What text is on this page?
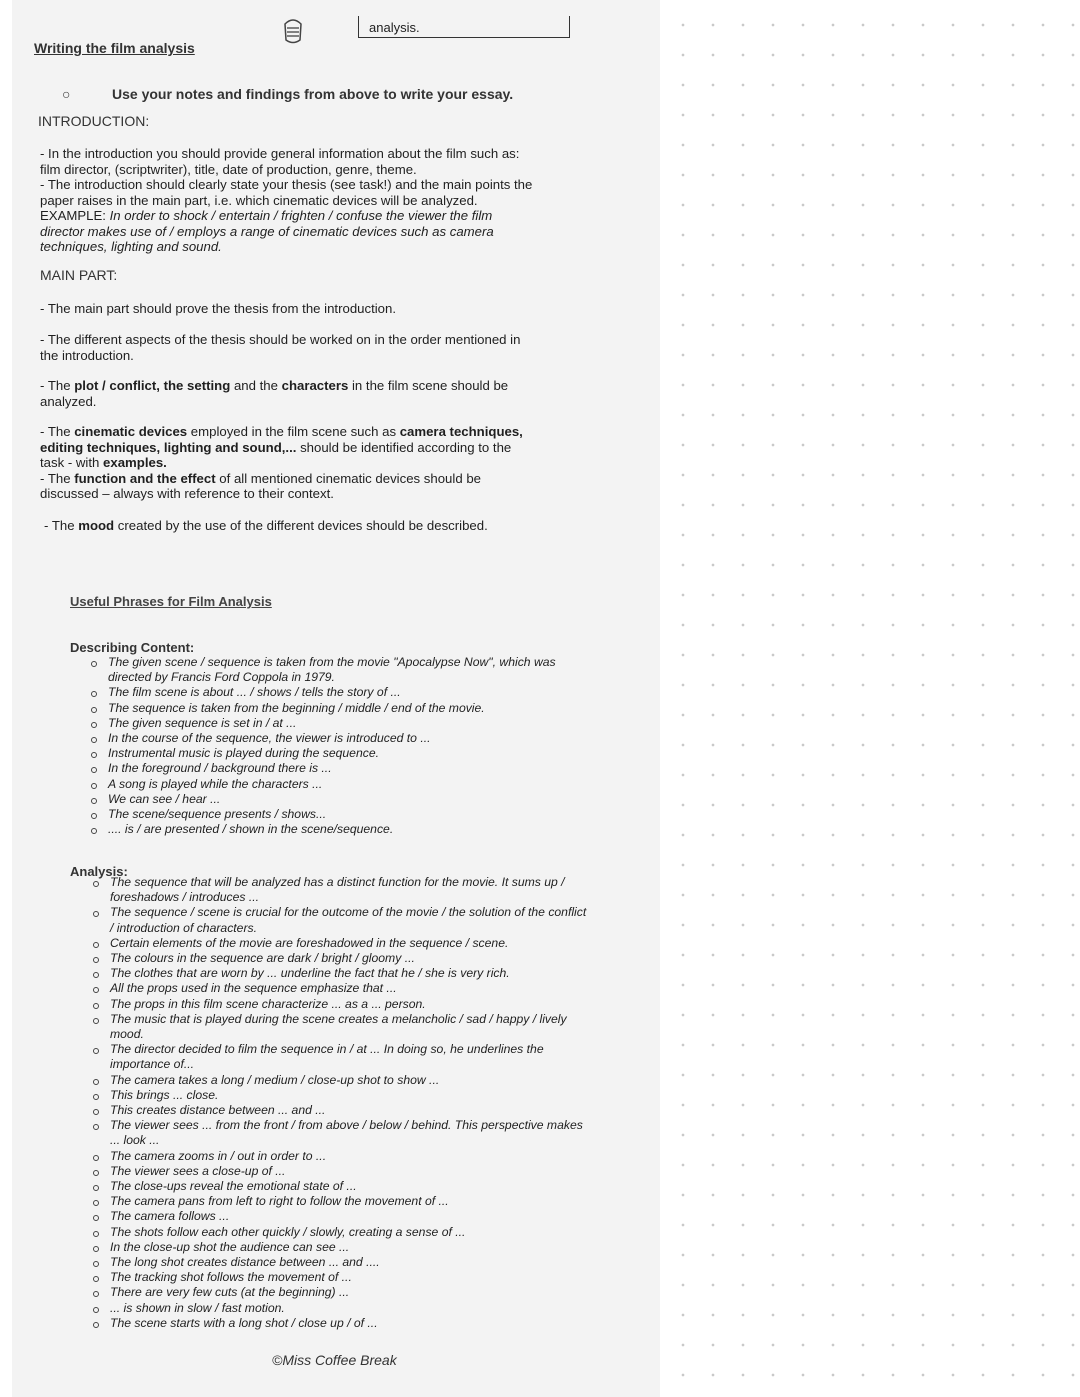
analysis.
Writing the film analysis
○	Use your notes and findings from above to write your essay.
INTRODUCTION:
- In the introduction you should provide general information about the film such as:
film director, (scriptwriter), title, date of production, genre, theme.
- The introduction should clearly state your thesis (see task!) and the main points the
paper raises in the main part, i.e. which cinematic devices will be analyzed.
EXAMPLE: In order to shock / entertain / frighten / confuse the viewer the film
director makes use of / employs a range of cinematic devices such as camera
techniques, lighting and sound.
MAIN PART:
- The main part should prove the thesis from the introduction.
- The different aspects of the thesis should be worked on in the order mentioned in
the introduction.
- The plot / conflict, the setting and the characters in the film scene should be
analyzed.
- The cinematic devices employed in the film scene such as camera techniques,
editing techniques, lighting and sound,... should be identified according to the
task - with examples.
- The function and the effect of all mentioned cinematic devices should be
discussed – always with reference to their context.
- The mood created by the use of the different devices should be described.
Useful Phrases for Film Analysis
Describing Content:
The given scene / sequence is taken from the movie "Apocalypse Now", which was directed by Francis Ford Coppola in 1979.
The film scene is about ... / shows / tells the story of ...
The sequence is taken from the beginning / middle / end of the movie.
The given sequence is set in / at ...
In the course of the sequence, the viewer is introduced to ...
Instrumental music is played during the sequence.
In the foreground / background there is ...
A song is played while the characters ...
We can see / hear ...
The scene/sequence presents / shows...
.... is / are presented / shown in the scene/sequence.
Analysis:
The sequence that will be analyzed has a distinct function for the movie. It sums up / foreshadows / introduces ...
The sequence / scene is crucial for the outcome of the movie / the solution of the conflict / introduction of characters.
Certain elements of the movie are foreshadowed in the sequence / scene.
The colours in the sequence are dark / bright / gloomy ...
The clothes that are worn by ... underline the fact that he / she is very rich.
All the props used in the sequence emphasize that ...
The props in this film scene characterize ... as a ... person.
The music that is played during the scene creates a melancholic / sad / happy / lively mood.
The director decided to film the sequence in / at ... In doing so, he underlines the importance of...
The camera takes a long / medium / close-up shot to show ...
This brings ... close.
This creates distance between ... and ...
The viewer sees ... from the front / from above / below / behind. This perspective makes ... look ...
The camera zooms in / out in order to ...
The viewer sees a close-up of ...
The close-ups reveal the emotional state of ...
The camera pans from left to right to follow the movement of ...
The camera follows ...
The shots follow each other quickly / slowly, creating a sense of ...
In the close-up shot the audience can see ...
The long shot creates distance between ... and ....
The tracking shot follows the movement of ...
There are very few cuts (at the beginning) ...
... is shown in slow / fast motion.
The scene starts with a long shot / close up / of ...
©Miss Coffee Break
